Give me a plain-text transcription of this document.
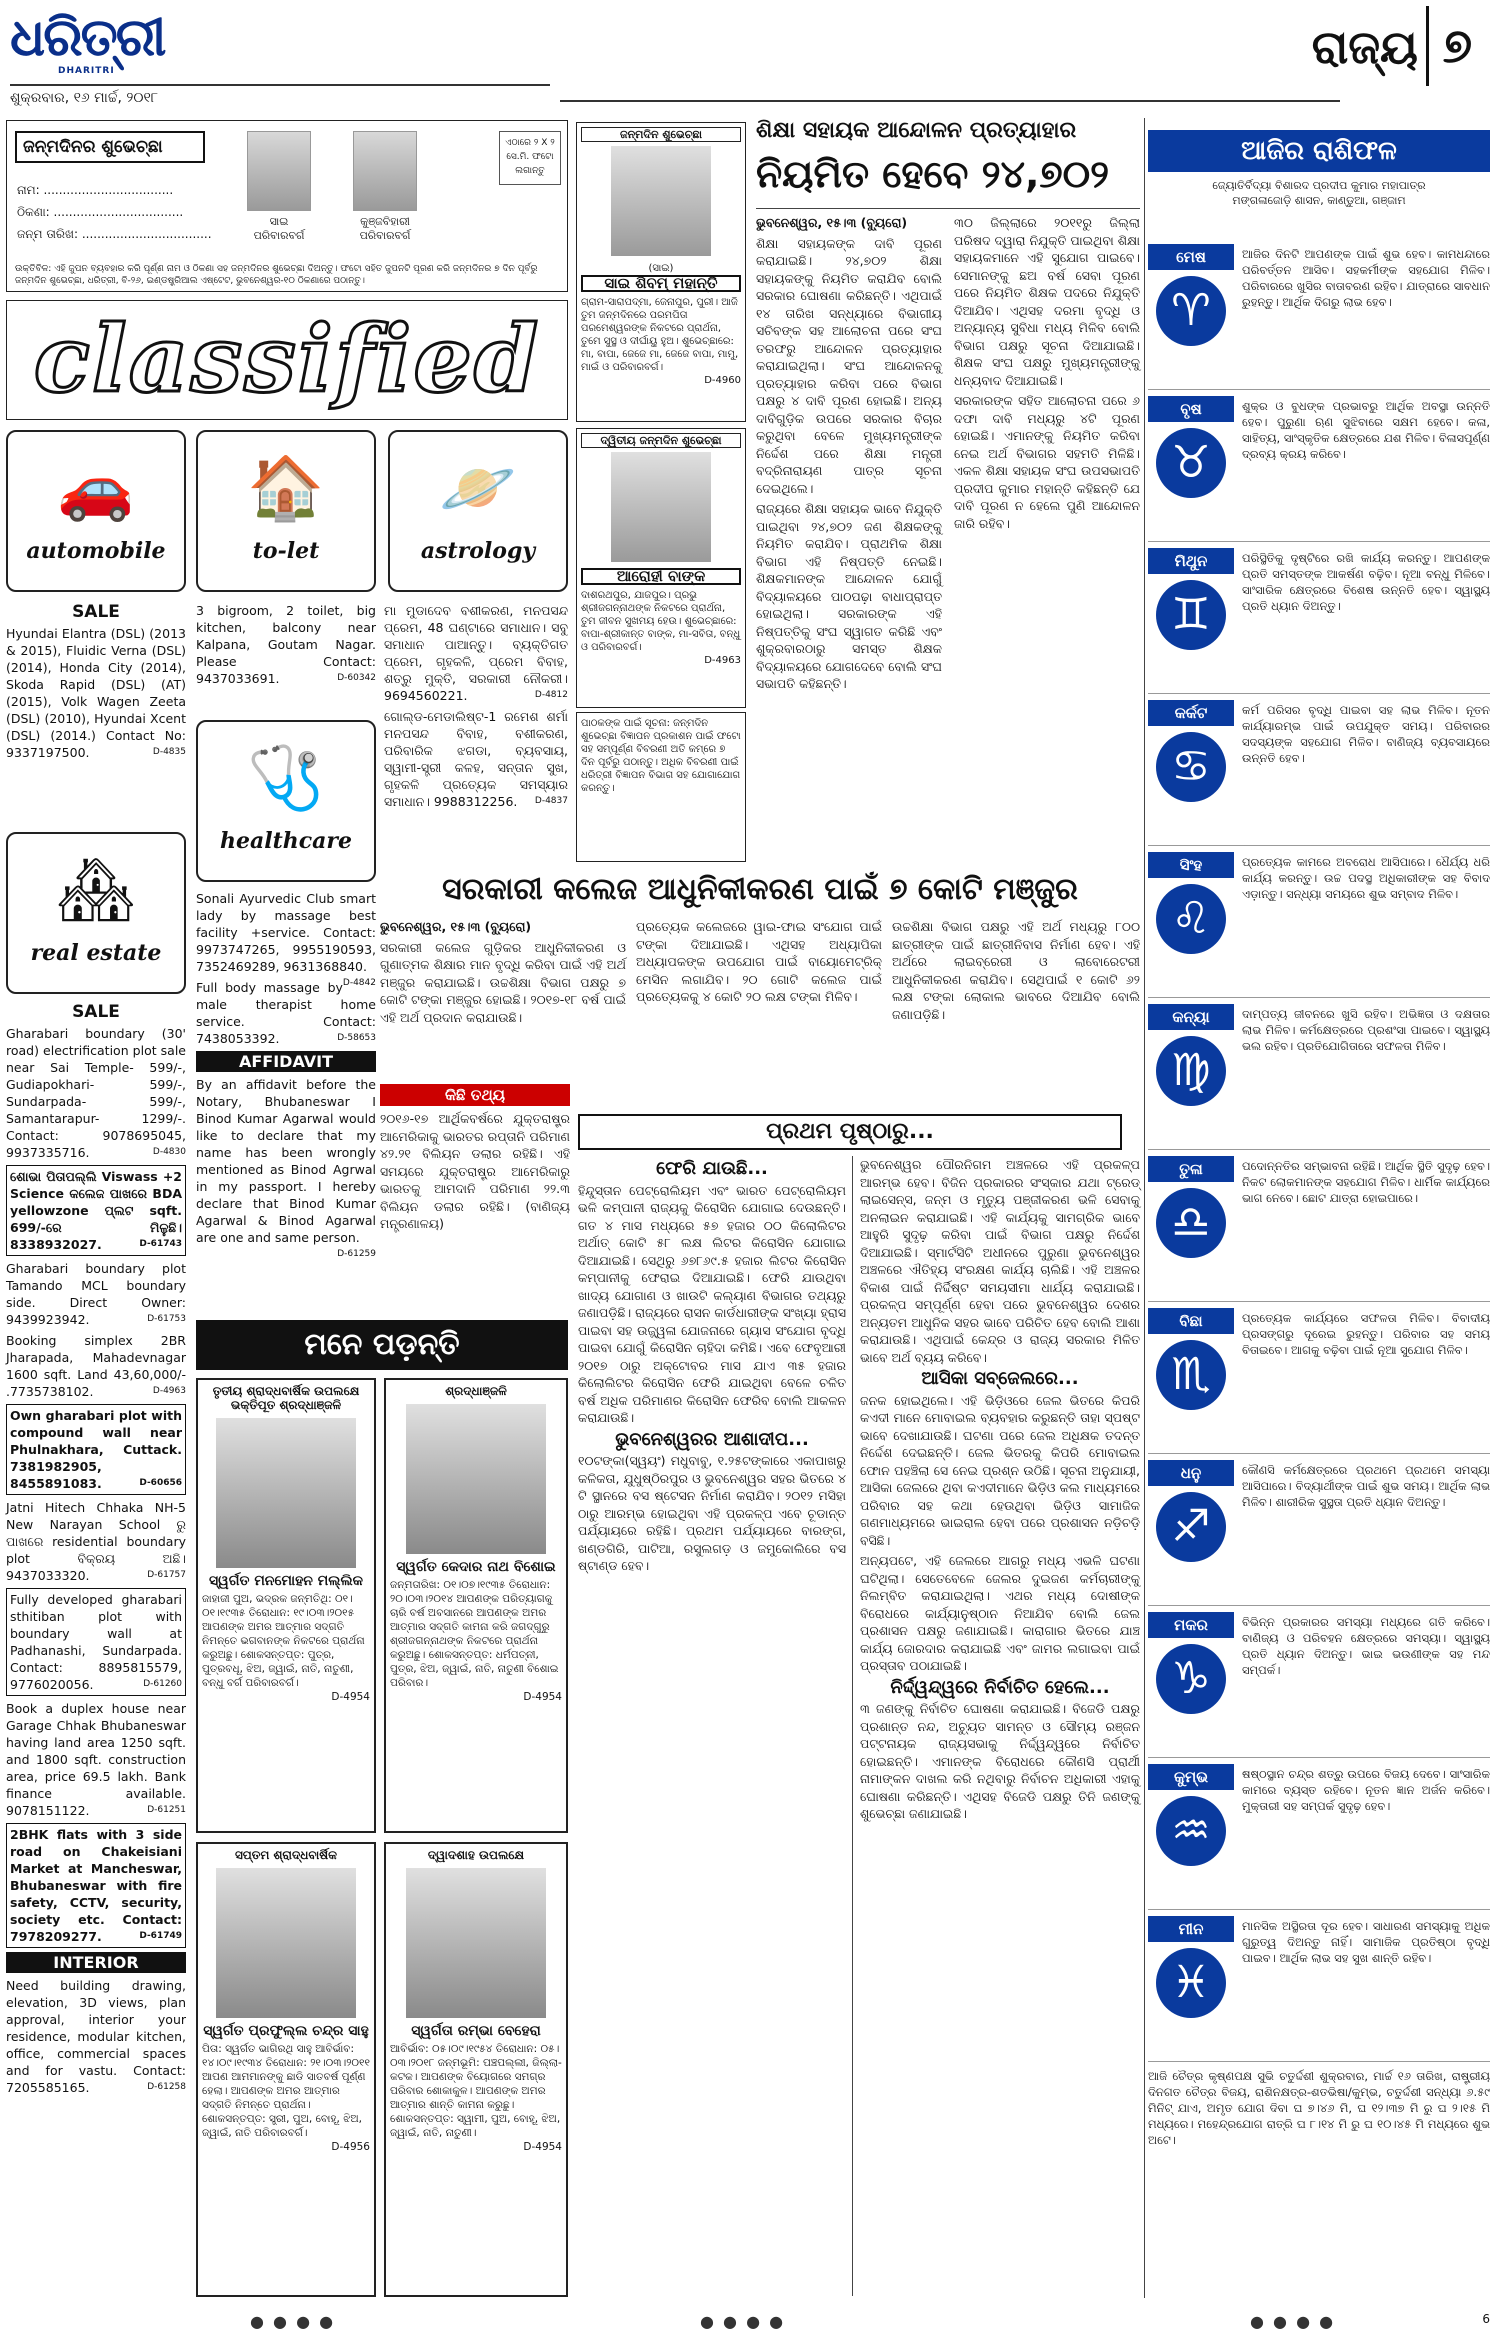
ଧରିତ୍ରୀ
DHARITRI
ଶୁକ୍ରବାର, ୧୬ ମାର୍ଚ୍ଚ, ୨୦୧୮
ରାଜ୍ୟ ୭
ଜନ୍ମଦିନର ଶୁଭେଚ୍ଛା
ନାମ: ..................................
ଠିକଣା: ..................................
ଜନ୍ମ ତାରିଖ: ..................................
ସାଇ
ପରିବାରବର୍ଗ
କୁଞ୍ଜବିହାରୀ
ପରିବାରବର୍ଗ
ଏଠାରେ ୨ X ୨ ସେ.ମି. ଫଟୋ ଲଗାନ୍ତୁ
ଉକ୍ତିବିଳ: ଏହି ଜୁପନ ବ୍ୟବହାର କରି ପୂର୍ଣ୍ଣ ନାମ ଓ ଠିକଣା ସହ ଜନ୍ମଦିନର ଶୁଭେଚ୍ଛା ଦିଅନ୍ତୁ। ଫଟୋ ସହିତ ଜୁପନଟି ପୂରଣ କରି ଜନ୍ମଦିନର ୭ ଦିନ ପୂର୍ବରୁ ଜନ୍ମଦିନ ଶୁଭେଚ୍ଛା, ଧରିତ୍ରୀ, ବି-୨୬, ଇଣ୍ଡଷ୍ଟ୍ରିଆଲ ଏଷ୍ଟେଟ, ଭୁବନେଶ୍ୱର-୧୦ ଠିକଣାରେ ପଠାନ୍ତୁ।
classified
🚗
automobile
🏠
to-let
🪐
astrology
SALE

Hyundai Elantra (DSL) (2013 & 2015), Fluidic Verna (DSL) (2014), Honda City (2014), Skoda Rapid (DSL) (AT) (2015), Volk Wagen Zeeta (DSL) (2010), Hyundai Xcent (DSL) (2014.) Contact No: 9337197500.	D-4835

🏘
real estate
SALE

Gharabari boundary (30' road) electrification plot sale near Sai Temple- 599/-, Gudiapokhari- 599/-, Sundarpada- 599/-, Samantarapur- 1299/-. Contact: 9078695045, 9937335716.	D-4830

ଶୋଭା ପିତାପଲ୍ଲି Viswass +2 Science କଲେଜ ପାଖରେ BDA yellowzone ପ୍ଲଟ sqft. 699/-ରେ ମିଳୁଛି। 8338932027.	D-61743

Gharabari boundary plot Tamando MCL boundary side. Direct Owner: 9439923942.	D-61753

Booking simplex 2BR Jharapada, Mahadevnagar 1600 sqft. Land 43,60,000/- .7735738102.	D-4963

Own gharabari plot with compound wall near Phulnakhara, Cuttack. 7381982905, 8455891083.	D-60656

Jatni Hitech Chhaka NH-5 New Narayan School ରୁ ପାଖରେ residential boundary plot ବିକ୍ରୟ ଅଛି। 9437033320.	D-61757

Fully developed gharabari sthitiban plot with boundary wall at Padhanashi, Sundarpada. Contact: 8895815579, 9776020056.	D-61260

Book a duplex house near Garage Chhak Bhubaneswar having land area 1250 sqft. and 1800 sqft. construction area, price 69.5 lakh. Bank finance available. 9078151122.	D-61251

2BHK flats with 3 side road on Chakeisiani Market at Mancheswar, Bhubaneswar with fire safety, CCTV, security, society etc. Contact: 7978209277.	D-61749

INTERIOR

Need building drawing, elevation, 3D views, plan approval, interior your residence, modular kitchen, office, commercial spaces and for vastu. Contact: 7205585165.	D-61258

3 bigroom, 2 toilet, big kitchen, balcony near Kalpana, Goutam Nagar. Please Contact: 9437033691.	D-60342

🩺
healthcare

Sonali Ayurvedic Club smart lady by massage best facility +service. Contact: 9973747265, 9955190593, 7352469289, 9631368840.
D-4842

Full body massage by male therapist home service. Contact: 7438053392.	D-58653

AFFIDAVIT

By an affidavit before the Notary, Bhubaneswar I Binod Kumar Agarwal would like to declare that my name has been wrongly mentioned as Binod Agrwal in my passport. I hereby declare that Binod Kumar Agarwal & Binod Agarwal are one and same person.
D-61259

ମା ମୁଡାଦେବ ବଶୀକରଣ, ମନପସନ୍ଦ ପ୍ରେମ, 48 ଘଣ୍ଟାରେ ସମାଧାନ। ସବୁ ସମାଧାନ ପାଆନ୍ତୁ। ବ୍ୟକ୍ତିଗତ ପ୍ରେମ, ଗୃହକଳି, ପ୍ରେମ ବିବାହ, ଶତ୍ରୁ ମୁକ୍ତି, ସରକାରୀ ନୌକରୀ। 9694560221.	D-4812

ଗୋଲ୍ଡ-ମେଡାଲିଷ୍ଟ-1 ରମେଶ ଶର୍ମା ମନପସନ୍ଦ ବିବାହ, ବଶୀକରଣ, ପରିବାରିକ ଝଗଡା, ବ୍ୟବସାୟ, ସ୍ୱାମୀ-ସ୍ତ୍ରୀ କଳହ, ସନ୍ତାନ ସୁଖ, ଗୃହକଳି ପ୍ରତ୍ୟେକ ସମସ୍ୟାର ସମାଧାନ। 9988312256. D-4837

ମନେ ପଡ଼ନ୍ତି
ତୃତୀୟ ଶ୍ରାଦ୍ଧବାର୍ଷିକ ଉପଲକ୍ଷେ ଭକ୍ତିପୂତ ଶ୍ରଦ୍ଧାଞ୍ଜଳି
ସ୍ୱର୍ଗତ ମନମୋହନ ମଲ୍ଲିକ
ଜାହାଜୀ ପୁଅ, ଭଦ୍ରକ ଜନ୍ମତିଥି: ୦୧।୦୧।୧୯୩୫ ତିରୋଧାନ: ୧୯।୦୩।୨୦୧୫ ଆପଣଙ୍କ ଅମର ଆତ୍ମାର ସଦ୍‌ଗତି ନିମନ୍ତେ ଭଗବାନଙ୍କ ନିକଟରେ ପ୍ରାର୍ଥନା କରୁଅଛୁ। ଶୋକସନ୍ତପ୍ତ: ପୁତ୍ର, ପୁତ୍ରବଧୂ, ଝିଅ, ଜ୍ୱାଇଁ, ନାତି, ନାତୁଣୀ, ବନ୍ଧୁ ବର୍ଗ ପରିବାରବର୍ଗ।
D-4954
ଶ୍ରଦ୍ଧାଞ୍ଜଳି
ସ୍ୱର୍ଗତ କେଦାର ନାଥ ବିଶୋଇ
ଜନ୍ମତାରିଖ: ୦୧।୦୭।୧୯୩୫ ତିରୋଧାନ: ୨୦।୦୩।୨୦୧୪ ଆପଣଙ୍କ ପରିତ୍ୟାଗକୁ ଚାରି ବର୍ଷ ଅବସାନରେ ଆପଣଙ୍କ ଅମର ଆତ୍ମାର ସଦ୍‌ଗତି କାମନା କରି ଜଗଦ୍ଗୁରୁ ଶ୍ରୀଜଗନ୍ନାଥଙ୍କ ନିକଟରେ ପ୍ରାର୍ଥନା କରୁଅଛୁ। ଶୋକସନ୍ତପ୍ତ: ଧର୍ମପତ୍ନୀ, ପୁତ୍ର, ଝିଅ, ଜ୍ୱାଇଁ, ନାତି, ନାତୁଣୀ ବିଶୋଇ ପରିବାର।
D-4954
ସପ୍ତମ ଶ୍ରାଦ୍ଧବାର୍ଷିକ
ସ୍ୱର୍ଗତ ପ୍ରଫୁଲ୍ଲ ଚନ୍ଦ୍ର ସାହୁ
ପିତା: ସ୍ୱର୍ଗତ ଭାଗିରଥି ସାହୁ ଆବିର୍ଭାବ: ୧୪।୦୯।୧୯୩୪ ତିରୋଧାନ: ୨୧।୦୩।୨୦୧୧ ଆପଣ ଆମମାନଙ୍କୁ ଛାଡି ସାତବର୍ଷ ପୂର୍ଣ୍ଣ ହେଲା। ଆପଣଙ୍କ ଅମର ଆତ୍ମାର ସଦ୍‌ଗତି ନିମନ୍ତେ ପ୍ରାର୍ଥନା। ଶୋକସନ୍ତପ୍ତ: ସ୍ତ୍ରୀ, ପୁଅ, ବୋହୂ, ଝିଅ, ଜ୍ୱାଇଁ, ନାତି ପରିବାରବର୍ଗ।
D-4956
ଦ୍ୱାଦଶାହ ଉପଲକ୍ଷେ
ସ୍ୱର୍ଗତା ରମ୍ଭା ବେହେରା
ଆବିର୍ଭାବ: ୦୫।୦୯।୧୯୫୪ ତିରୋଧାନ: ୦୫।୦୩।୨୦୧୮ ଜନ୍ମଭୂମି: ପଞ୍ଚପଲ୍ଲୀ, ଜିଲ୍ଲା-କଟକ। ଆପଣଙ୍କ ବିୟୋଗରେ ସମଗ୍ର ପରିବାର ଶୋକାକୁଳ। ଆପଣଙ୍କ ଅମର ଆତ୍ମାର ଶାନ୍ତି କାମନା କରୁଛୁ। ଶୋକସନ୍ତପ୍ତ: ସ୍ୱାମୀ, ପୁଅ, ବୋହୂ, ଝିଅ, ଜ୍ୱାଇଁ, ନାତି, ନାତୁଣୀ।
D-4954
ଜନ୍ମଦିନ ଶୁଭେଚ୍ଛା
(ସାଇ)
ସାଇ ଶିବମ୍ ମହାନ୍ତି
ଗ୍ରାମ-ସାରାପଦ୍ମା, ଜେନାପୁର, ପୁରୀ। ଆଜି ତୁମ ଜନ୍ମଦିନରେ ପରମପିତା ପରମେଶ୍ୱରଙ୍କ ନିକଟରେ ପ୍ରାର୍ଥନା, ତୁମେ ସୁସ୍ଥ ଓ ଦୀର୍ଘାୟୁ ହୁଅ। ଶୁଭେଚ୍ଛାରେ: ମା, ବାପା, ଜେଜେ ମା, ଜେଜେ ବାପା, ମାମୁ, ମାଇଁ ଓ ପରିବାରବର୍ଗ।
D-4960
ଦ୍ୱିତୀୟ ଜନ୍ମଦିନ ଶୁଭେଚ୍ଛା
ଆରୋହୀ ବାଙ୍କ
ଦାଶରଥପୁର, ଯାଜପୁର। ପ୍ରଭୁ ଶ୍ରୀଜଗନ୍ନାଥଙ୍କ ନିକଟରେ ପ୍ରାର୍ଥନା, ତୁମ ଜୀବନ ସୁଖମୟ ହେଉ। ଶୁଭେଚ୍ଛାରେ: ବାପା-ଶ୍ରୀକାନ୍ତ ବାଙ୍କ, ମା-ସବିତା, ବନ୍ଧୁ ଓ ପରିବାରବର୍ଗ।
D-4963
ପାଠକଙ୍କ ପାଇଁ ସୂଚନା: ଜନ୍ମଦିନ ଶୁଭେଚ୍ଛା ବିଜ୍ଞାପନ ପ୍ରକାଶନ ପାଇଁ ଫଟୋ ସହ ସମ୍ପୂର୍ଣ୍ଣ ବିବରଣୀ ଅତି କମ୍‌ରେ ୭ ଦିନ ପୂର୍ବରୁ ପଠାନ୍ତୁ। ଅଧିକ ବିବରଣୀ ପାଇଁ ଧରିତ୍ରୀ ବିଜ୍ଞାପନ ବିଭାଗ ସହ ଯୋଗାଯୋଗ କରନ୍ତୁ।
ଶିକ୍ଷା ସହାୟକ ଆନ୍ଦୋଳନ ପ୍ରତ୍ୟାହାର
ନିୟମିତ ହେବେ ୨୪,୭୦୨

ଭୁବନେଶ୍ୱର, ୧୫।୩ (ବ୍ୟୁରୋ)

ଶିକ୍ଷା ସହାୟକଙ୍କ ଦାବି ପୂରଣ କରାଯାଇଛି। ୨୪,୭୦୨ ଶିକ୍ଷା ସହାୟକଙ୍କୁ ନିୟମିତ କରାଯିବ ବୋଲି ସରକାର ଘୋଷଣା କରିଛନ୍ତି। ଏଥିପାଇଁ ୧୪ ତାରିଖ ସନ୍ଧ୍ୟାରେ ବିଭାଗୀୟ ସଚିବଙ୍କ ସହ ଆଲୋଚନା ପରେ ସଂଘ ତରଫରୁ ଆନ୍ଦୋଳନ ପ୍ରତ୍ୟାହାର କରାଯାଇଥିଲା। ସଂଘ ଆନ୍ଦୋଳନକୁ ପ୍ରତ୍ୟାହାର କରିବା ପରେ ବିଭାଗ ପକ୍ଷରୁ ୪ ଦାବି ପୂରଣ ହୋଇଛି। ଅନ୍ୟ ଦାବିଗୁଡ଼ିକ ଉପରେ ସରକାର ବିଚାର କରୁଥିବା ବେଳେ ମୁଖ୍ୟମନ୍ତ୍ରୀଙ୍କ ନିର୍ଦ୍ଦେଶ ପରେ ଶିକ୍ଷା ମନ୍ତ୍ରୀ ବଦ୍ରିନାରାୟଣ ପାତ୍ର ସୂଚନା ଦେଇଥିଲେ।

ରାଜ୍ୟରେ ଶିକ୍ଷା ସହାୟକ ଭାବେ ନିଯୁକ୍ତି ପାଇଥିବା ୨୪,୭୦୨ ଜଣ ଶିକ୍ଷକଙ୍କୁ ନିୟମିତ କରାଯିବ। ପ୍ରାଥମିକ ଶିକ୍ଷା ବିଭାଗ ଏହି ନିଷ୍ପତ୍ତି ନେଇଛି। ଶିକ୍ଷକମାନଙ୍କ ଆନ୍ଦୋଳନ ଯୋଗୁଁ ବିଦ୍ୟାଳୟରେ ପାଠପଢ଼ା ବାଧାପ୍ରାପ୍ତ ହୋଇଥିଲା। ସରକାରଙ୍କ ଏହି ନିଷ୍ପତ୍ତିକୁ ସଂଘ ସ୍ୱାଗତ କରିଛି ଏବଂ ଶୁକ୍ରବାରଠାରୁ ସମସ୍ତ ଶିକ୍ଷକ ବିଦ୍ୟାଳୟରେ ଯୋଗଦେବେ ବୋଲି ସଂଘ ସଭାପତି କହିଛନ୍ତି।

୩୦ ଜିଲ୍ଲାରେ ୨୦୧୧ରୁ ଜିଲ୍ଲା ପରିଷଦ ଦ୍ୱାରା ନିଯୁକ୍ତି ପାଇଥିବା ଶିକ୍ଷା ସହାୟକମାନେ ଏହି ସୁଯୋଗ ପାଇବେ। ସେମାନଙ୍କୁ ଛଅ ବର୍ଷ ସେବା ପୂରଣ ପରେ ନିୟମିତ ଶିକ୍ଷକ ପଦରେ ନିଯୁକ୍ତି ଦିଆଯିବ। ଏଥିସହ ଦରମା ବୃଦ୍ଧି ଓ ଅନ୍ୟାନ୍ୟ ସୁବିଧା ମଧ୍ୟ ମିଳିବ ବୋଲି ବିଭାଗ ପକ୍ଷରୁ ସୂଚନା ଦିଆଯାଇଛି। ଶିକ୍ଷକ ସଂଘ ପକ୍ଷରୁ ମୁଖ୍ୟମନ୍ତ୍ରୀଙ୍କୁ ଧନ୍ୟବାଦ ଦିଆଯାଇଛି।

ସରକାରଙ୍କ ସହିତ ଆଲୋଚନା ପରେ ୬ ଦଫା ଦାବି ମଧ୍ୟରୁ ୪ଟି ପୂରଣ ହୋଇଛି। ଏମାନଙ୍କୁ ନିୟମିତ କରିବା ନେଇ ଅର୍ଥ ବିଭାଗର ସହମତି ମିଳିଛି। ଏକଳ ଶିକ୍ଷା ସହାୟକ ସଂଘ ଉପସଭାପତି ପ୍ରଦୀପ କୁମାର ମହାନ୍ତି କହିଛନ୍ତି ଯେ ଦାବି ପୂରଣ ନ ହେଲେ ପୁଣି ଆନ୍ଦୋଳନ ଜାରି ରହିବ।

ସରକାରୀ କଲେଜ ଆଧୁନିକୀକରଣ ପାଇଁ ୭ କୋଟି ମଞ୍ଜୁର

ଭୁବନେଶ୍ୱର, ୧୫।୩ (ବ୍ୟୁରୋ)

ସରକାରୀ କଲେଜ ଗୁଡ଼ିକର ଆଧୁନିକୀକରଣ ଓ ଗୁଣାତ୍ମକ ଶିକ୍ଷାର ମାନ ବୃଦ୍ଧି କରିବା ପାଇଁ ଏହି ଅର୍ଥ ମଞ୍ଜୁର କରାଯାଇଛି। ଉଚ୍ଚଶିକ୍ଷା ବିଭାଗ ପକ୍ଷରୁ ୭ କୋଟି ଟଙ୍କା ମଞ୍ଜୁର ହୋଇଛି। ୨୦୧୭-୧୮ ବର୍ଷ ପାଇଁ ଏହି ଅର୍ଥ ପ୍ରଦାନ କରାଯାଉଛି।

ପ୍ରତ୍ୟେକ କଲେଜରେ ୱାଇ-ଫାଇ ସଂଯୋଗ ପାଇଁ ଟଙ୍କା ଦିଆଯାଇଛି। ଏଥିସହ ଅଧ୍ୟାପିକା ଅଧ୍ୟାପକଙ୍କ ଉପଯୋଗ ପାଇଁ ବାୟୋମେଟ୍ରିକ୍ ମେସିନ ଲଗାଯିବ। ୨୦ ଗୋଟି କଲେଜ ପାଇଁ ପ୍ରତ୍ୟେକକୁ ୪ କୋଟି ୨୦ ଲକ୍ଷ ଟଙ୍କା ମିଳିବ।

ଉଚ୍ଚଶିକ୍ଷା ବିଭାଗ ପକ୍ଷରୁ ଏହି ଅର୍ଥ ମଧ୍ୟରୁ ୮୦୦ ଛାତ୍ରୀଙ୍କ ପାଇଁ ଛାତ୍ରୀନିବାସ ନିର୍ମାଣ ହେବ। ଏହି ଅର୍ଥରେ ଲାଇବ୍ରେରୀ ଓ ଲାବୋରେଟରୀ ଆଧୁନିକୀକରଣ କରାଯିବ। ସେଥିପାଇଁ ୧ କୋଟି ୬୨ ଲକ୍ଷ ଟଙ୍କା ଲୋକାଲ ଭାବରେ ଦିଆଯିବ ବୋଲି ଜଣାପଡ଼ିଛି।

କିଛି ତଥ୍ୟ
୨୦୧୬-୧୭ ଆର୍ଥିକବର୍ଷରେ ଯୁକ୍ତରାଷ୍ଟ୍ର ଆମେରିକାକୁ ଭାରତର ରପ୍ତାନି ପରିମାଣ ୪୨.୨୧ ବିଲିୟନ ଡଲାର ରହିଛି। ଏହି ସମୟରେ ଯୁକ୍ତରାଷ୍ଟ୍ର ଆମେରିକାରୁ ଭାରତକୁ ଆମଦାନି ପରିମାଣ ୨୨.୩ ବିଲିୟନ ଡଲାର ରହିଛି। (ବାଣିଜ୍ୟ ମନ୍ତ୍ରଣାଳୟ)
ପ୍ରଥମ ପୃଷ୍ଠାରୁ...
ଫେରି ଯାଉଛି...

ହିନ୍ଦୁସ୍ତାନ ପେଟ୍ରୋଲିୟମ ଏବଂ ଭାରତ ପେଟ୍ରୋଲିୟମ ଭଳି କମ୍ପାନୀ ରାଜ୍ୟକୁ କିରୋସିନ ଯୋଗାଇ ଦେଉଛନ୍ତି। ଗତ ୪ ମାସ ମଧ୍ୟରେ ୫୭ ହଜାର ୦୦ କିଲୋଲିଟର ଅର୍ଥାତ୍ କୋଟି ୫୮ ଲକ୍ଷ ଲିଟର କିରୋସିନ ଯୋଗାଇ ଦିଆଯାଇଛି। ସେଥିରୁ ୬୭୮୬୯.୫ ହଜାର ଲିଟର କିରୋସିନ କମ୍ପାନୀକୁ ଫେରାଇ ଦିଆଯାଇଛି। ଫେରି ଯାଉଥିବା ଖାଦ୍ୟ ଯୋଗାଣ ଓ ଖାଉଟି କଲ୍ୟାଣ ବିଭାଗର ତଥ୍ୟରୁ ଜଣାପଡ଼ିଛି। ରାଜ୍ୟରେ ରାସନ କାର୍ଡଧାରୀଙ୍କ ସଂଖ୍ୟା ହ୍ରାସ ପାଇବା ସହ ଉଜ୍ଜ୍ୱଳା ଯୋଜନାରେ ଗ୍ୟାସ ସଂଯୋଗ ବୃଦ୍ଧି ପାଇବା ଯୋଗୁଁ କିରୋସିନ ଚାହିଦା କମିଛି। ଏବେ ଫେବୃଆରୀ ୨୦୧୭ ଠାରୁ ଅକ୍ଟୋବର ମାସ ଯାଏ ୩୫ ହଜାର କିଲୋଲିଟର କିରୋସିନ ଫେରି ଯାଇଥିବା ବେଳେ ଚଳିତ ବର୍ଷ ଅଧିକ ପରିମାଣର କିରୋସିନ ଫେରିବ ବୋଲି ଆକଳନ କରାଯାଉଛି।

ଭୁବନେଶ୍ୱରର ଆଶାଦୀପ...

୧୦ଟଙ୍କା(ସ୍ୱୟଂ) ମଧୁବାବୁ, ୧.୨୫ଟଙ୍କାରେ ଏକାପାଖରୁ କଳିକତା, ଯୁଧୁଷ୍ଠିରପୁର ଓ ଭୁବନେଶ୍ୱର ସହର ଭିତରେ ୪ ଟି ସ୍ଥାନରେ ବସ ଷ୍ଟେସନ ନିର୍ମାଣ କରାଯିବ। ୨୦୧୨ ମସିହା ଠାରୁ ଆରମ୍ଭ ହୋଇଥିବା ଏହି ପ୍ରକଳ୍ପ ଏବେ ଚୂଡାନ୍ତ ପର୍ଯ୍ୟାୟରେ ରହିଛି। ପ୍ରଥମ ପର୍ଯ୍ୟାୟରେ ବାରଙ୍ଗ, ଖଣ୍ଡଗିରି, ପାଟିଆ, ରସୁଲଗଡ଼ ଓ ଜମୁକୋଲିରେ ବସ ଷ୍ଟାଣ୍ଡ ହେବ।

ଭୁବନେଶ୍ୱର ପୌରନିଗମ ଅଞ୍ଚଳରେ ଏହି ପ୍ରକଳ୍ପ ଆରମ୍ଭ ହେବ। ବିଜିନ ପ୍ରକାରର ସଂସ୍କାର ଯଥା ଟ୍ରେଡ୍ ଲାଇସେନ୍ସ, ଜନ୍ମ ଓ ମୃତ୍ୟୁ ପଞ୍ଜୀକରଣ ଭଳି ସେବାକୁ ଅନଲାଇନ କରାଯାଇଛି। ଏହି କାର୍ଯ୍ୟକୁ ସାମଗ୍ରିକ ଭାବେ ଆହୁରି ସୁଦୃଢ଼ କରିବା ପାଇଁ ବିଭାଗ ପକ୍ଷରୁ ନିର୍ଦ୍ଦେଶ ଦିଆଯାଇଛି। ସ୍ମାର୍ଟସିଟି ଅଧୀନରେ ପୁରୁଣା ଭୁବନେଶ୍ୱର ଅଞ୍ଚଳରେ ଐତିହ୍ୟ ସଂରକ୍ଷଣ କାର୍ଯ୍ୟ ଚାଲିଛି। ଏହି ଅଞ୍ଚଳର ବିକାଶ ପାଇଁ ନିର୍ଦ୍ଦିଷ୍ଟ ସମୟସୀମା ଧାର୍ଯ୍ୟ କରାଯାଇଛି। ପ୍ରକଳ୍ପ ସମ୍ପୂର୍ଣ୍ଣ ହେବା ପରେ ଭୁବନେଶ୍ୱର ଦେଶର ଅନ୍ୟତମ ଆଧୁନିକ ସହର ଭାବେ ପରିଚିତ ହେବ ବୋଲି ଆଶା କରାଯାଉଛି। ଏଥିପାଇଁ କେନ୍ଦ୍ର ଓ ରାଜ୍ୟ ସରକାର ମିଳିତ ଭାବେ ଅର୍ଥ ବ୍ୟୟ କରିବେ।

ଆସିକା ସବ୍‌ଜେଲରେ...

ଜନକ ହୋଇଥିଲେ। ଏହି ଭିଡ଼ିଓରେ ଜେଲ ଭିତରେ କିପରି କଏଦୀ ମାନେ ମୋବାଇଲ ବ୍ୟବହାର କରୁଛନ୍ତି ତାହା ସ୍ପଷ୍ଟ ଭାବେ ଦେଖାଯାଉଛି। ଘଟଣା ପରେ ଜେଲ ଅଧିକ୍ଷକ ତଦନ୍ତ ନିର୍ଦ୍ଦେଶ ଦେଇଛନ୍ତି। ଜେଲ ଭିତରକୁ କିପରି ମୋବାଇଲ ଫୋନ ପହଞ୍ଚିଲା ସେ ନେଇ ପ୍ରଶ୍ନ ଉଠିଛି। ସୂଚନା ଅନୁଯାୟୀ, ଆସିକା ଜେଲରେ ଥିବା କଏଦୀମାନେ ଭିଡ଼ିଓ କଲ ମାଧ୍ୟମରେ ପରିବାର ସହ କଥା ହେଉଥିବା ଭିଡ଼ିଓ ସାମାଜିକ ଗଣମାଧ୍ୟମରେ ଭାଇରାଲ ହେବା ପରେ ପ୍ରଶାସନ ନଡ଼ିଚଡ଼ି ବସିଛି।

ଅନ୍ୟପଟେ, ଏହି ଜେଲରେ ଆଗରୁ ମଧ୍ୟ ଏଭଳି ଘଟଣା ଘଟିଥିଲା। ସେତେବେଳେ ଜେଲର ଦୁଇଜଣ କର୍ମଚାରୀଙ୍କୁ ନିଲମ୍ବିତ କରାଯାଇଥିଲା। ଏଥର ମଧ୍ୟ ଦୋଷୀଙ୍କ ବିରୋଧରେ କାର୍ଯ୍ୟାନୁଷ୍ଠାନ ନିଆଯିବ ବୋଲି ଜେଲ ପ୍ରଶାସନ ପକ୍ଷରୁ ଜଣାଯାଇଛି। କାରାଗାର ଭିତରେ ଯାଞ୍ଚ କାର୍ଯ୍ୟ ଜୋରଦାର କରାଯାଇଛି ଏବଂ ଜାମର ଲଗାଇବା ପାଇଁ ପ୍ରସ୍ତାବ ପଠାଯାଇଛି।

ନିର୍ଦ୍ଦ୍ୱନ୍ଦ୍ୱରେ ନିର୍ବାଚିତ ହେଲେ...

୩ ଜଣଙ୍କୁ ନିର୍ବାଚିତ ଘୋଷଣା କରାଯାଇଛି। ବିଜେଡି ପକ୍ଷରୁ ପ୍ରଶାନ୍ତ ନନ୍ଦ, ଅଚ୍ୟୁତ ସାମନ୍ତ ଓ ସୌମ୍ୟ ରଞ୍ଜନ ପଟ୍ଟନାୟକ ରାଜ୍ୟସଭାକୁ ନିର୍ଦ୍ଦ୍ୱନ୍ଦ୍ୱରେ ନିର୍ବାଚିତ ହୋଇଛନ୍ତି। ଏମାନଙ୍କ ବିରୋଧରେ କୌଣସି ପ୍ରାର୍ଥୀ ନାମାଙ୍କନ ଦାଖଲ କରି ନଥିବାରୁ ନିର୍ବାଚନ ଅଧିକାରୀ ଏହାକୁ ଘୋଷଣା କରିଛନ୍ତି। ଏଥିସହ ବିଜେଡି ପକ୍ଷରୁ ତିନି ଜଣଙ୍କୁ ଶୁଭେଚ୍ଛା ଜଣାଯାଇଛି।

ଆଜିର ରାଶିଫଳ
ଜ୍ୟୋତିର୍ବିଦ୍ୟା ବିଶାରଦ ପ୍ରଦୀପ କୁମାର ମହାପାତ୍ର
ମଙ୍ଗଳାଜୋଡ଼ି ଶାସନ, କାଣ୍ଡୁଆ, ଗଞ୍ଜାମ
ମେଷ
♈
ଆଜିର ଦିନଟି ଆପଣଙ୍କ ପାଇଁ ଶୁଭ ହେବ। କାମଧନ୍ଦାରେ ପରିବର୍ତ୍ତନ ଆସିବ। ସହକର୍ମୀଙ୍କ ସହଯୋଗ ମିଳିବ। ପରିବାରରେ ଖୁସିର ବାତାବରଣ ରହିବ। ଯାତ୍ରାରେ ସାବଧାନ ରୁହନ୍ତୁ। ଆର୍ଥିକ ଦିଗରୁ ଲାଭ ହେବ।
ବୃଷ
♉
ଶୁକ୍ର ଓ ବୁଧଙ୍କ ପ୍ରଭାବରୁ ଆର୍ଥିକ ଅବସ୍ଥା ଉନ୍ନତି ହେବ। ପୁରୁଣା ଋଣ ସୁଝିବାରେ ସକ୍ଷମ ହେବେ। କଳା, ସାହିତ୍ୟ, ସାଂସ୍କୃତିକ କ୍ଷେତ୍ରରେ ଯଶ ମିଳିବ। ବିଳାସପୂର୍ଣ୍ଣ ଦ୍ରବ୍ୟ କ୍ରୟ କରିବେ।
ମିଥୁନ
♊
ପରିସ୍ଥିତିକୁ ଦୃଷ୍ଟିରେ ରଖି କାର୍ଯ୍ୟ କରନ୍ତୁ। ଆପଣଙ୍କ ପ୍ରତି ସମସ୍ତଙ୍କ ଆକର୍ଷଣ ବଢ଼ିବ। ନୂଆ ବନ୍ଧୁ ମିଳିବେ। ସାଂସାରିକ କ୍ଷେତ୍ରରେ ବିଶେଷ ଉନ୍ନତି ହେବ। ସ୍ୱାସ୍ଥ୍ୟ ପ୍ରତି ଧ୍ୟାନ ଦିଅନ୍ତୁ।
କର୍କଟ
♋
କର୍ମ ପରିସର ବୃଦ୍ଧି ପାଇବା ସହ ଲାଭ ମିଳିବ। ନୂତନ କାର୍ଯ୍ୟାରମ୍ଭ ପାଇଁ ଉପଯୁକ୍ତ ସମୟ। ପରିବାରର ସଦସ୍ୟଙ୍କ ସହଯୋଗ ମିଳିବ। ବାଣିଜ୍ୟ ବ୍ୟବସାୟରେ ଉନ୍ନତି ହେବ।
ସିଂହ
♌
ପ୍ରତ୍ୟେକ କାମରେ ଅବରୋଧ ଆସିପାରେ। ଧୈର୍ଯ୍ୟ ଧରି କାର୍ଯ୍ୟ କରନ୍ତୁ। ଉଚ୍ଚ ପଦସ୍ଥ ଅଧିକାରୀଙ୍କ ସହ ବିବାଦ ଏଡ଼ାନ୍ତୁ। ସନ୍ଧ୍ୟା ସମୟରେ ଶୁଭ ସମ୍ବାଦ ମିଳିବ।
କନ୍ୟା
♍
ଦାମ୍ପତ୍ୟ ଜୀବନରେ ଖୁସି ରହିବ। ଅଭିଜ୍ଞତା ଓ ଦକ୍ଷତାର ଲାଭ ମିଳିବ। କର୍ମକ୍ଷେତ୍ରରେ ପ୍ରଶଂସା ପାଇବେ। ସ୍ୱାସ୍ଥ୍ୟ ଭଲ ରହିବ। ପ୍ରତିଯୋଗିତାରେ ସଫଳତା ମିଳିବ।
ତୁଳା
♎
ପଦୋନ୍ନତିର ସମ୍ଭାବନା ରହିଛି। ଆର୍ଥିକ ସ୍ଥିତି ସୁଦୃଢ଼ ହେବ। ନିକଟ ଲୋକମାନଙ୍କ ସହଯୋଗ ମିଳିବ। ଧାର୍ମିକ କାର୍ଯ୍ୟରେ ଭାଗ ନେବେ। ଛୋଟ ଯାତ୍ରା ହୋଇପାରେ।
ବିଛା
♏
ପ୍ରତ୍ୟେକ କାର୍ଯ୍ୟରେ ସଫଳତା ମିଳିବ। ବିବାଦୀୟ ପ୍ରସଙ୍ଗରୁ ଦୂରେଇ ରୁହନ୍ତୁ। ପରିବାର ସହ ସମୟ ବିତାଇବେ। ଆଗକୁ ବଢ଼ିବା ପାଇଁ ନୂଆ ସୁଯୋଗ ମିଳିବ।
ଧନୁ
♐
କୌଣସି କର୍ମକ୍ଷେତ୍ରରେ ପ୍ରଥମେ ପ୍ରଥମେ ସମସ୍ୟା ଆସିପାରେ। ବିଦ୍ୟାର୍ଥୀଙ୍କ ପାଇଁ ଶୁଭ ସମୟ। ଆର୍ଥିକ ଲାଭ ମିଳିବ। ଶାରୀରିକ ସୁସ୍ଥତା ପ୍ରତି ଧ୍ୟାନ ଦିଅନ୍ତୁ।
ମକର
♑
ବିଭିନ୍ନ ପ୍ରକାରର ସମସ୍ୟା ମଧ୍ୟରେ ଗତି କରିବେ। ବାଣିଜ୍ୟ ଓ ପରିବହନ କ୍ଷେତ୍ରରେ ସମସ୍ୟା। ସ୍ୱାସ୍ଥ୍ୟ ପ୍ରତି ଧ୍ୟାନ ଦିଅନ୍ତୁ। ଭାଇ ଭଉଣୀଙ୍କ ସହ ମନ୍ଦ ସମ୍ପର୍କ।
କୁମ୍ଭ
♒
ଷଷ୍ଠସ୍ଥାନ ଚନ୍ଦ୍ର ଶତ୍ରୁ ଉପରେ ବିଜୟ ଦେବେ। ସାଂସାରିକ କାମରେ ବ୍ୟସ୍ତ ରହିବେ। ନୂତନ ଜ୍ଞାନ ଅର୍ଜନ କରିବେ। ମୁକ୍ତାରୀ ସହ ସମ୍ପର୍କ ସୁଦୃଢ଼ ହେବ।
ମୀନ
♓
ମାନସିକ ଅସ୍ଥିରତା ଦୂର ହେବ। ସାଧାରଣ ସମସ୍ୟାକୁ ଅଧିକ ଗୁରୁତ୍ୱ ଦିଅନ୍ତୁ ନାହିଁ। ସାମାଜିକ ପ୍ରତିଷ୍ଠା ବୃଦ୍ଧି ପାଇବ। ଆର୍ଥିକ ଲାଭ ସହ ସୁଖ ଶାନ୍ତି ରହିବ।
ଆଜି ଚୈତ୍ର କୃଷ୍ଣପକ୍ଷ ସୁଭି ଚତୁର୍ଦ୍ଦଶୀ ଶୁକ୍ରବାର, ମାର୍ଚ୍ଚ ୧୬ ତାରିଖ, ରାଷ୍ଟ୍ରୀୟ ଦିନଗତ ଚୈତ୍ର ବିଜୟ, ରାଶିନକ୍ଷତ୍ର-ଶତଭିଷା/କୁମ୍ଭ, ଚତୁର୍ଦ୍ଦଶୀ ସନ୍ଧ୍ୟା ୬.୫୯ ମିନିଟ୍ ଯାଏ, ଅମୃତ ଯୋଗ ଦିବା ଘ ୭।୪୬ ମି, ଘ ୧୨।୩୭ ମି ରୁ ଘ ୨।୧୫ ମି ମଧ୍ୟରେ। ମହେନ୍ଦ୍ରଯୋଗ ରାତ୍ରି ଘ ୮।୧୪ ମି ରୁ ଘ ୧୦।୪୫ ମି ମଧ୍ୟରେ ଶୁଭ ଅଟେ।
● ● ● ●	● ● ● ●	● ● ● ●	6
